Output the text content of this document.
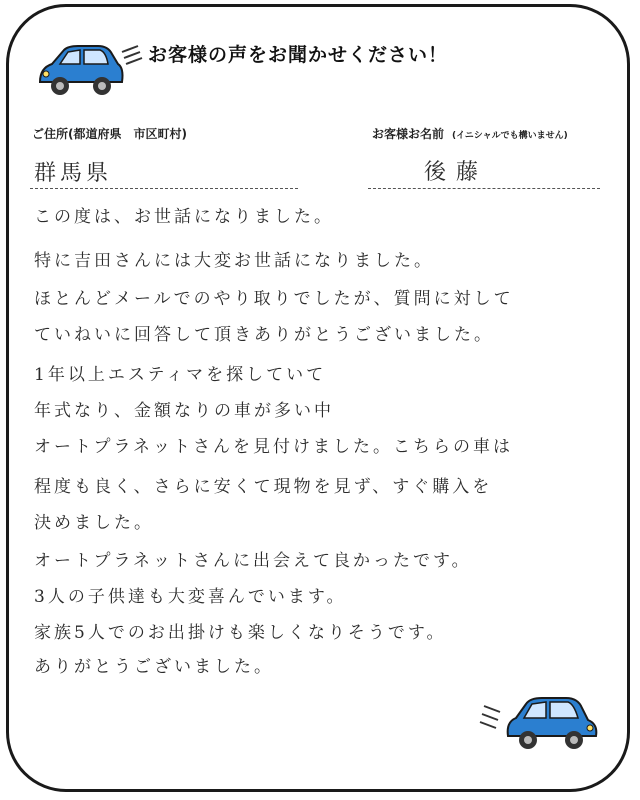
お客様の声をお聞かせください！
ご住所(都道府県　市区町村)	お客様お名前 (イニシャルでも構いません)
群馬県	後藤
この度は、お世話になりました。
特に吉田さんには大変お世話になりました。
ほとんどメールでのやり取りでしたが、質問に対して
ていねいに回答して頂きありがとうございました。
1年以上エスティマを探していて
年式なり、金額なりの車が多い中
オートプラネットさんを見付けました。こちらの車は
程度も良く、さらに安くて現物を見ず、すぐ購入を
決めました。
オートプラネットさんに出会えて良かったです。
3人の子供達も大変喜んでいます。
家族5人でのお出掛けも楽しくなりそうです。
ありがとうございました。
